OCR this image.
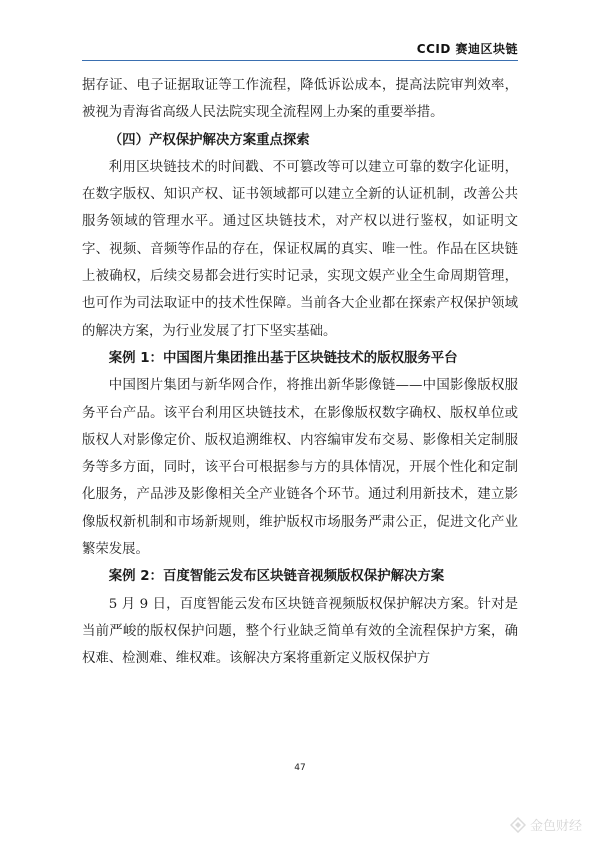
CCID 赛迪区块链

据存证、电子证据取证等工作流程，降低诉讼成本，提高法院审判效率，被视为青海省高级人民法院实现全流程网上办案的重要举措。

（四）产权保护解决方案重点探索

利用区块链技术的时间戳、不可篡改等可以建立可靠的数字化证明，在数字版权、知识产权、证书领域都可以建立全新的认证机制，改善公共服务领域的管理水平。通过区块链技术，对产权以进行鉴权，如证明文字、视频、音频等作品的存在，保证权属的真实、唯一性。作品在区块链上被确权，后续交易都会进行实时记录，实现文娱产业全生命周期管理，也可作为司法取证中的技术性保障。当前各大企业都在探索产权保护领域的解决方案，为行业发展了打下坚实基础。

案例 1：中国图片集团推出基于区块链技术的版权服务平台

中国图片集团与新华网合作，将推出新华影像链——中国影像版权服务平台产品。该平台利用区块链技术，在影像版权数字确权、版权单位或版权人对影像定价、版权追溯维权、内容编审发布交易、影像相关定制服务等多方面，同时，该平台可根据参与方的具体情况，开展个性化和定制化服务，产品涉及影像相关全产业链各个环节。通过利用新技术，建立影像版权新机制和市场新规则，维护版权市场服务严肃公正，促进文化产业繁荣发展。

案例 2：百度智能云发布区块链音视频版权保护解决方案

5 月 9 日，百度智能云发布区块链音视频版权保护解决方案。针对是当前严峻的版权保护问题，整个行业缺乏简单有效的全流程保护方案，确权难、检测难、维权难。该解决方案将重新定义版权保护方

47
金色财经
